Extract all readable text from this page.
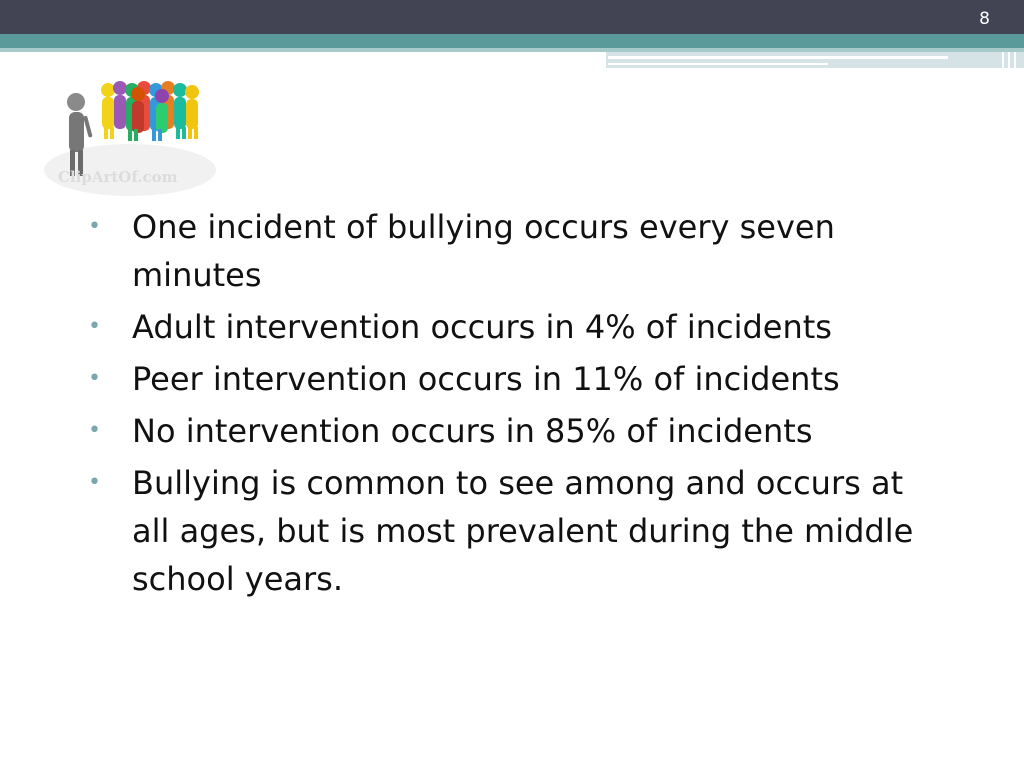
8
ClipArtOf.com
• One incident of bullying occurs every seven minutes
• Adult intervention occurs in 4% of incidents
• Peer intervention occurs in 11% of incidents
• No intervention occurs in 85% of incidents
• Bullying is common to see among and occurs at all ages, but is most prevalent during the middle school years.
